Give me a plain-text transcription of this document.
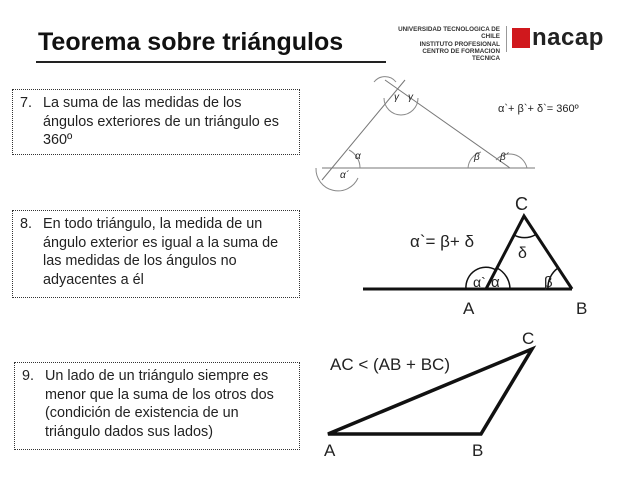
Teorema sobre triángulos	UNIVERSIDAD TECNOLOGICA DE CHILE
INSTITUTO PROFESIONAL
CENTRO DE FORMACION TECNICA
nacap
7. La suma de las medidas de los ángulos exteriores de un triángulo es 360º
8. En todo triángulo, la medida de un ángulo exterior es igual a la suma de las medidas de los ángulos no adyacentes a él
9. Un lado de un triángulo siempre es menor que la suma de los otros dos (condición de existencia de un triángulo dados sus lados)
γ γ
α
α´
β β´
α`+ β`+ δ`= 360º
C
A	B
δ
α` α	β
α`= β+ δ
C
A	B
AC < (AB + BC)
